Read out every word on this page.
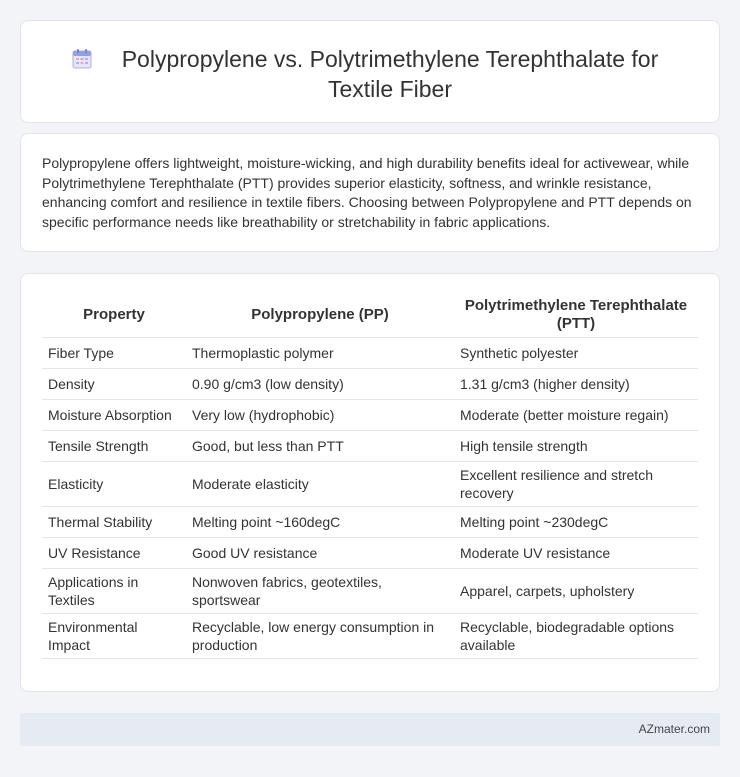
Polypropylene vs. Polytrimethylene Terephthalate for Textile Fiber

Polypropylene offers lightweight, moisture-wicking, and high durability benefits ideal for activewear, while Polytrimethylene Terephthalate (PTT) provides superior elasticity, softness, and wrinkle resistance, enhancing comfort and resilience in textile fibers. Choosing between Polypropylene and PTT depends on specific performance needs like breathability or stretchability in fabric applications.

Property	Polypropylene (PP)	Polytrimethylene Terephthalate (PTT)
Fiber Type	Thermoplastic polymer	Synthetic polyester
Density	0.90 g/cm3 (low density)	1.31 g/cm3 (higher density)
Moisture Absorption	Very low (hydrophobic)	Moderate (better moisture regain)
Tensile Strength	Good, but less than PTT	High tensile strength
Elasticity	Moderate elasticity	Excellent resilience and stretch recovery
Thermal Stability	Melting point ~160degC	Melting point ~230degC
UV Resistance	Good UV resistance	Moderate UV resistance
Applications in Textiles	Nonwoven fabrics, geotextiles, sportswear	Apparel, carpets, upholstery
Environmental Impact	Recyclable, low energy consumption in production	Recyclable, biodegradable options available
AZmater.com
